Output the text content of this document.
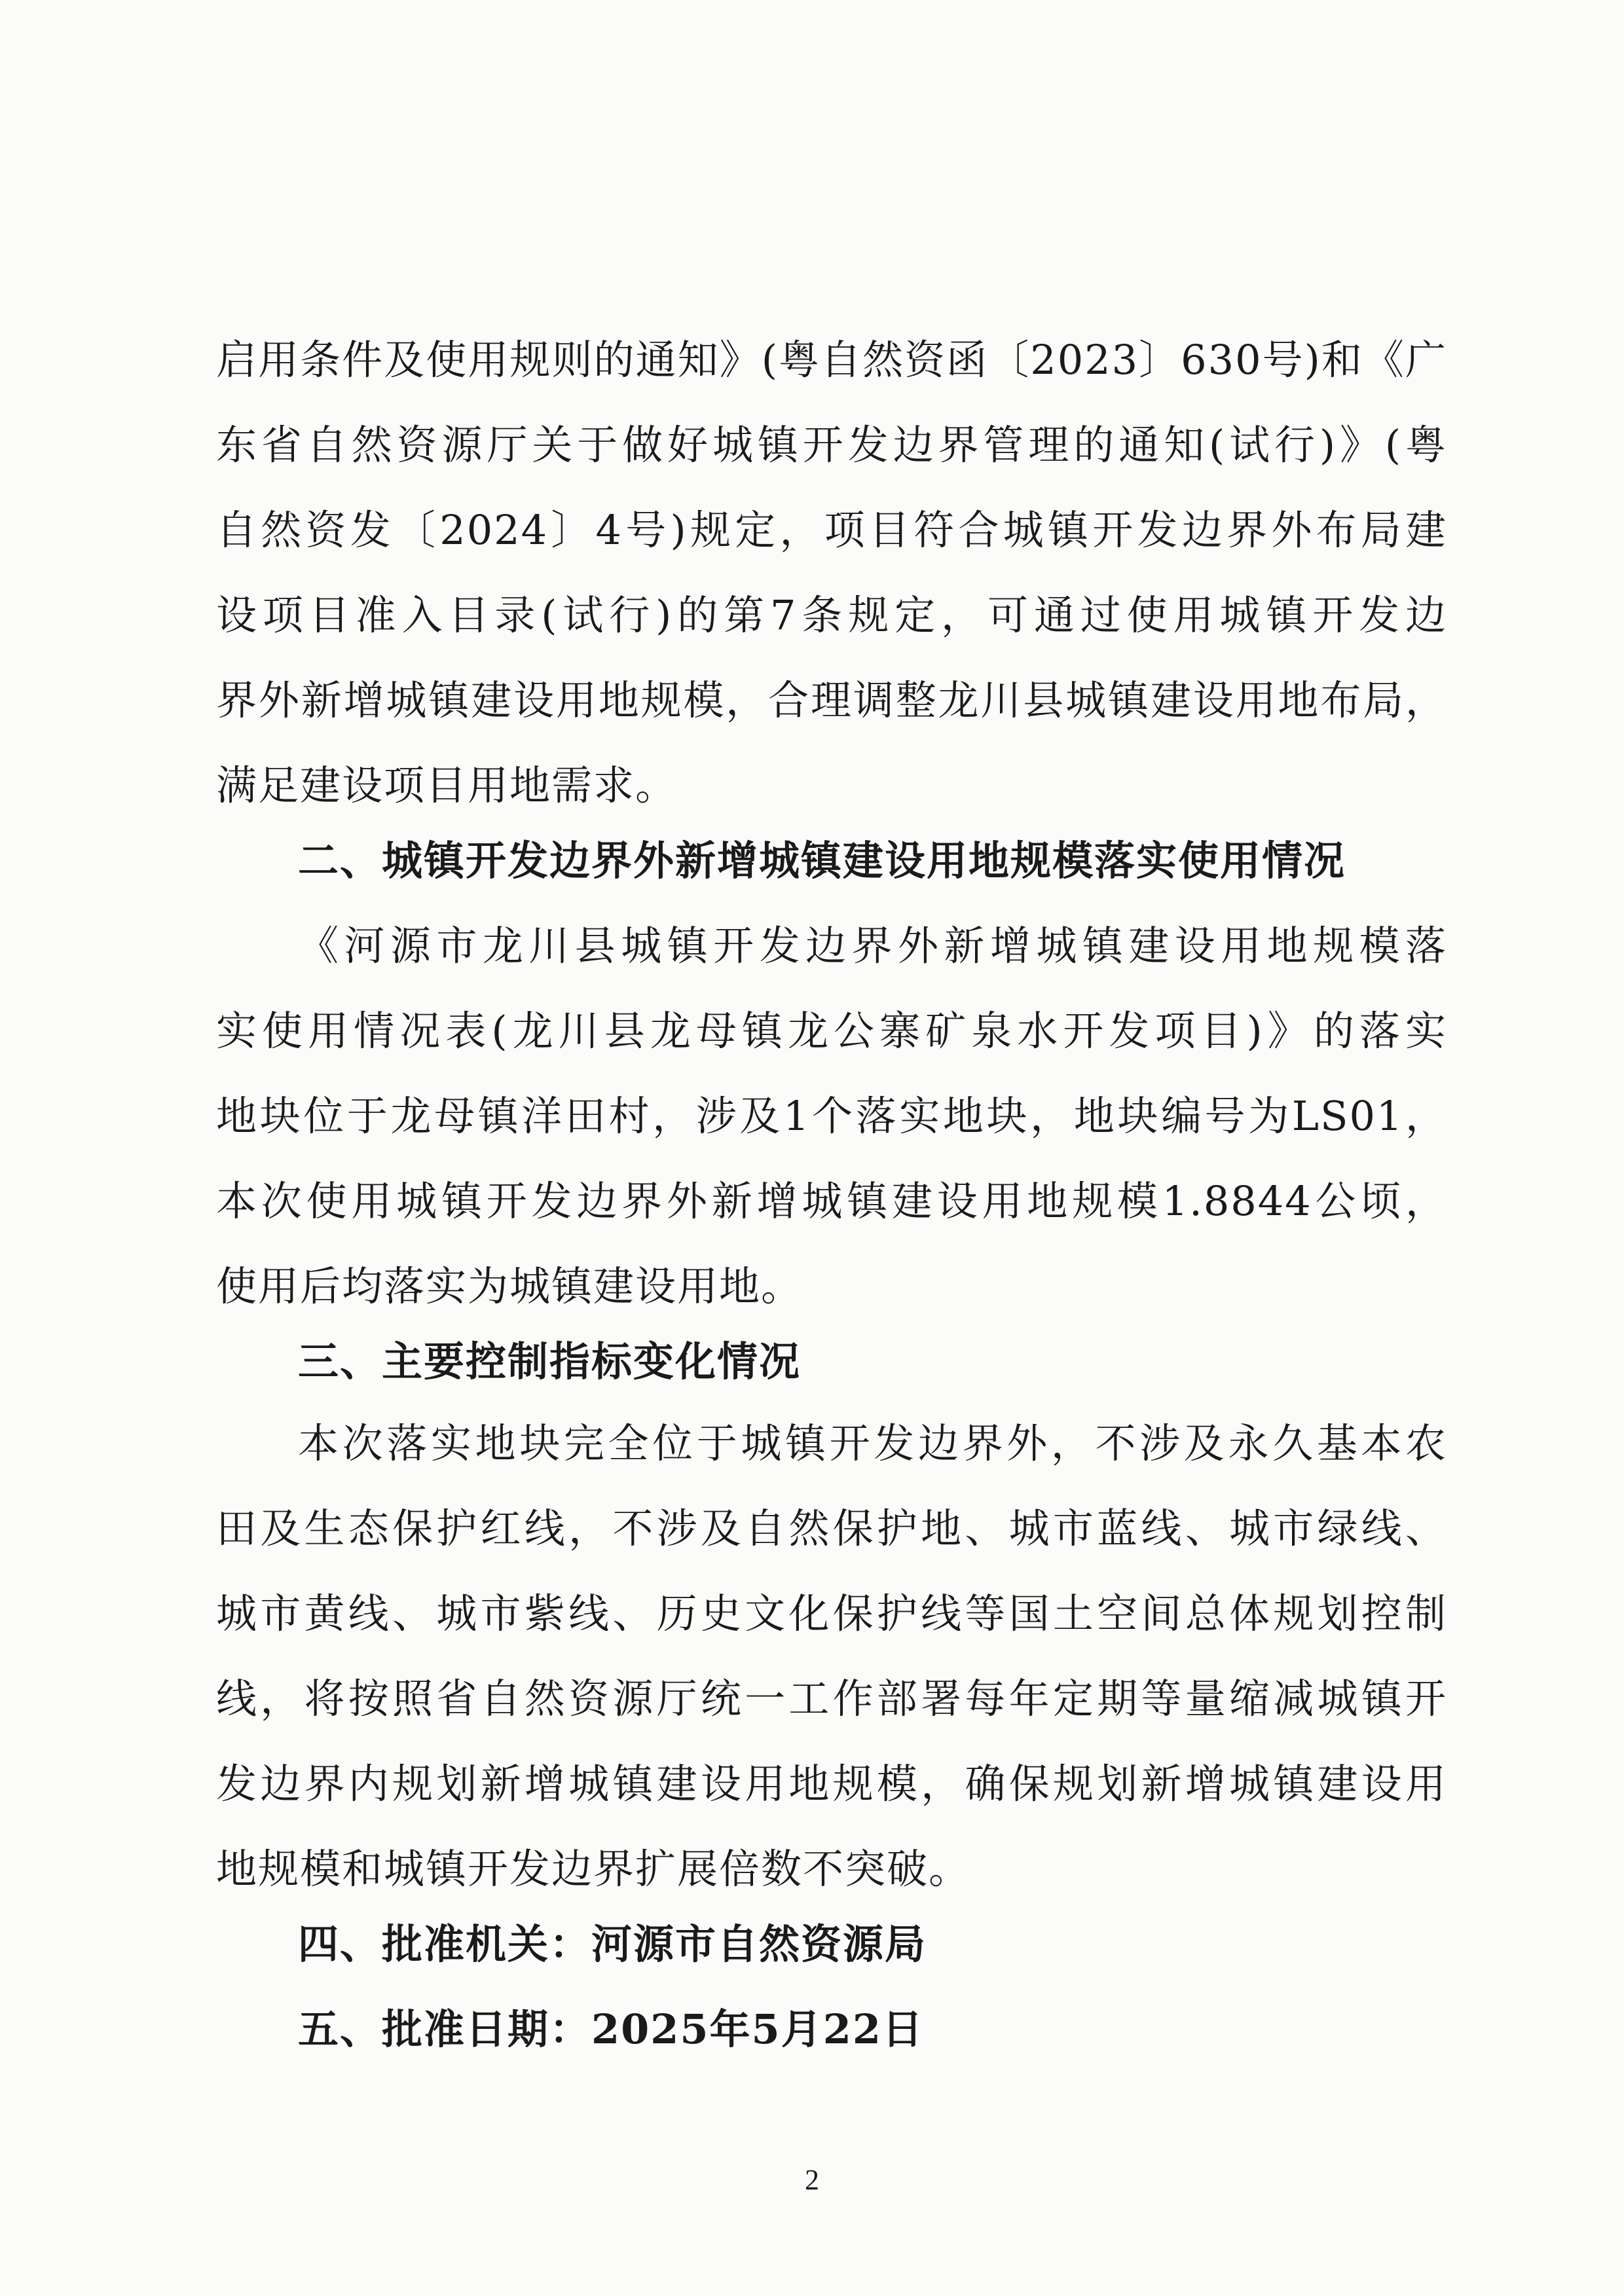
启用条件及使用规则的通知》(粤自然资函〔2023〕630号)和《广
东省自然资源厅关于做好城镇开发边界管理的通知(试行)》(粤
自然资发〔2024〕4号)规定，项目符合城镇开发边界外布局建
设项目准入目录(试行)的第7条规定，可通过使用城镇开发边
界外新增城镇建设用地规模，合理调整龙川县城镇建设用地布局，
满足建设项目用地需求。
二、城镇开发边界外新增城镇建设用地规模落实使用情况
《河源市龙川县城镇开发边界外新增城镇建设用地规模落
实使用情况表(龙川县龙母镇龙公寨矿泉水开发项目)》的落实
地块位于龙母镇洋田村，涉及1个落实地块，地块编号为LS01，
本次使用城镇开发边界外新增城镇建设用地规模1.8844公顷，
使用后均落实为城镇建设用地。
三、主要控制指标变化情况
本次落实地块完全位于城镇开发边界外，不涉及永久基本农
田及生态保护红线，不涉及自然保护地、城市蓝线、城市绿线、
城市黄线、城市紫线、历史文化保护线等国土空间总体规划控制
线，将按照省自然资源厅统一工作部署每年定期等量缩减城镇开
发边界内规划新增城镇建设用地规模，确保规划新增城镇建设用
地规模和城镇开发边界扩展倍数不突破。
四、批准机关：河源市自然资源局
五、批准日期：2025年5月22日
2
